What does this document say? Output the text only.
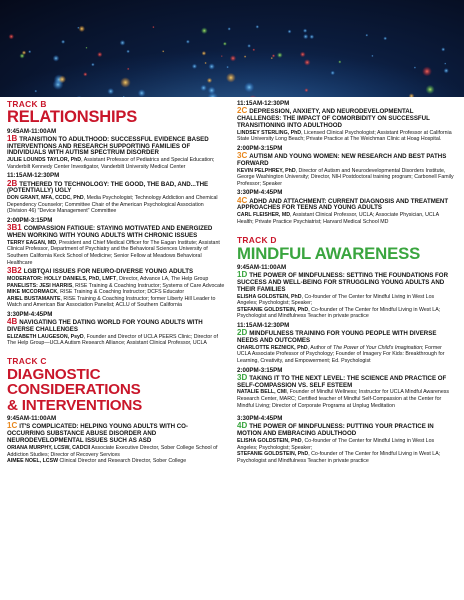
TRACK B
RELATIONSHIPS
9:45AM-11:00AM
1B TRANSITION TO ADULTHOOD: SUCCESSFUL EVIDENCE BASED INTERVENTIONS AND RESEARCH SUPPORTING FAMILIES OF INDIVIDUALS WITH AUTISM SPECTRUM DISORDER
JULIE LOUNDS TAYLOR, PhD, Assistant Professor of Pediatrics and Special Education; Vanderbilt Kennedy Center Investigator, Vanderbilt University Medical Center
11:15AM-12:30PM
2B TETHERED TO TECHNOLOGY: THE GOOD, THE BAD, AND...THE (POTENTIALLY) UGLY
DON GRANT, MFA, CCDC, PhD, Media Psychologist; Technology Addiction and Chemical Dependency Counselor; Committee Chair of the American Psychological Association (Division 46) "Device Management" Committee
2:00PM-3:15PM
3B1 COMPASSION FATIGUE: STAYING MOTIVATED AND ENERGIZED WHEN WORKING WITH YOUNG ADULTS WITH CHRONIC ISSUES
TERRY EAGAN, MD, President and Chief Medical Officer for The Eagan Institute; Assistant Clinical Professor, Department of Psychiatry and the Behavioral Sciences University of Southern California Keck School of Medicine; Senior Fellow at Meadows Behavioral Healthcare
3B2 LGBTQAI ISSUES FOR NEURO-DIVERSE YOUNG ADULTS
MODERATOR: HOLLY DANIELS, PhD, LMFT, Director, Advance LA, The Help Group
PANELISTS: JESI HARRIS, RISE Training & Coaching Instructor; Systems of Care Advocate
MIKE MCCORMACK, RISE Training & Coaching Instructor; DCFS Educator
ARIEL BUSTAMANTE, RISE Training & Coaching Instructor; former Liberty Hill Leader to Watch and American Bar Association Panelist; ACLU of Southern California
3:30PM-4:45PM
4B NAVIGATING THE DATING WORLD FOR YOUNG ADULTS WITH DIVERSE CHALLENGES
ELIZABETH LAUGESON, PsyD, Founder and Director of UCLA PEERS Clinic; Director of The Help Group—UCLA Autism Research Alliance; Assistant Clinical Professor, UCLA
TRACK C
DIAGNOSTIC CONSIDERATIONS
& INTERVENTIONS
9:45AM-11:00AM
1C IT'S COMPLICATED: HELPING YOUNG ADULTS WITH CO-OCCURRING SUBSTANCE ABUSE DISORDER AND NEURODEVELOPMENTAL ISSUES SUCH AS ASD
ORIANA MURPHY, LCSW, CADCII Associate Executive Director, Sober College School of Addiction Studies; Director of Recovery Services
AIMEE NOEL, LCSW Clinical Director and Research Director, Sober College
11:15AM-12:30PM
2C DEPRESSION, ANXIETY, AND NEURODEVELOPMENTAL CHALLENGES: THE IMPACT OF COMORBIDITY ON SUCCESSFUL TRANSITIONING INTO ADULTHOOD
LINDSEY STERLING, PhD, Licensed Clinical Psychologist; Assistant Professor at California State University Long Beach; Private Practice at The Weichman Clinic at Hoag Hospital.
2:00PM-3:15PM
3C AUTISM AND YOUNG WOMEN: NEW RESEARCH AND BEST PATHS FORWARD
KEVIN PELPHREY, PhD, Director of Autism and Neurodevelopmental Disorders Institute, George Washington University; Director, NIH Postdoctoral training program; Carbonell Family Professor; Speaker
3:30PM-4:45PM
4C ADHD AND ATTACHMENT: CURRENT DIAGNOSIS AND TREATMENT APPROACHES FOR TEENS AND YOUNG ADULTS
CARL FLEISHER, MD, Assistant Clinical Professor, UCLA; Associate Physician, UCLA Health; Private Practice Psychiatrist; Harvard Medical School MD
TRACK D
MINDFUL AWARENESS
9:45AM-11:00AM
1D THE POWER OF MINDFULNESS: SETTING THE FOUNDATIONS FOR SUCCESS AND WELL-BEING FOR STRUGGLING YOUNG ADULTS AND THEIR FAMILIES
ELISHA GOLDSTEIN, PhD, Co-founder of The Center for Mindful Living in West Los Angeles; Psychologist; Speaker;
STEFANIE GOLDSTEIN, PhD, Co-founder of The Center for Mindful Living in West LA; Psychologist and Mindfulness Teacher in private practice
11:15AM-12:30PM
2D MINDFULNESS TRAINING FOR YOUNG PEOPLE WITH DIVERSE NEEDS AND OUTCOMES
CHARLOTTE REZNICK, PhD, Author of The Power of Your Child's Imagination; Former UCLA Associate Professor of Psychology; Founder of Imagery For Kids: Breakthrough for Learning, Creativity, and Empowerment; Ed. Psychologist
2:00PM-3:15PM
3D TAKING IT TO THE NEXT LEVEL: THE SCIENCE AND PRACTICE OF SELF-COMPASSION VS. SELF ESTEEM
NATALIE BELL, CMI, Founder of Mindful Wellness; Instructor for UCLA Mindful Awareness Research Center, MARC; Certified teacher of Mindful Self-Compassion at the Center for Mindful Living; Director of Corporate Programs at Unplug Meditation
3:30PM-4:45PM
4D THE POWER OF MINDFULNESS: PUTTING YOUR PRACTICE IN MOTION AND EMBRACING ADULTHOOD
ELISHA GOLDSTEIN, PhD, Co-founder of The Center for Mindful Living in West Los Angeles; Psychologist; Speaker;
STEFANIE GOLDSTEIN, PhD, Co-founder of The Center for Mindful Living in West LA; Psychologist and Mindfulness Teacher in private practice
